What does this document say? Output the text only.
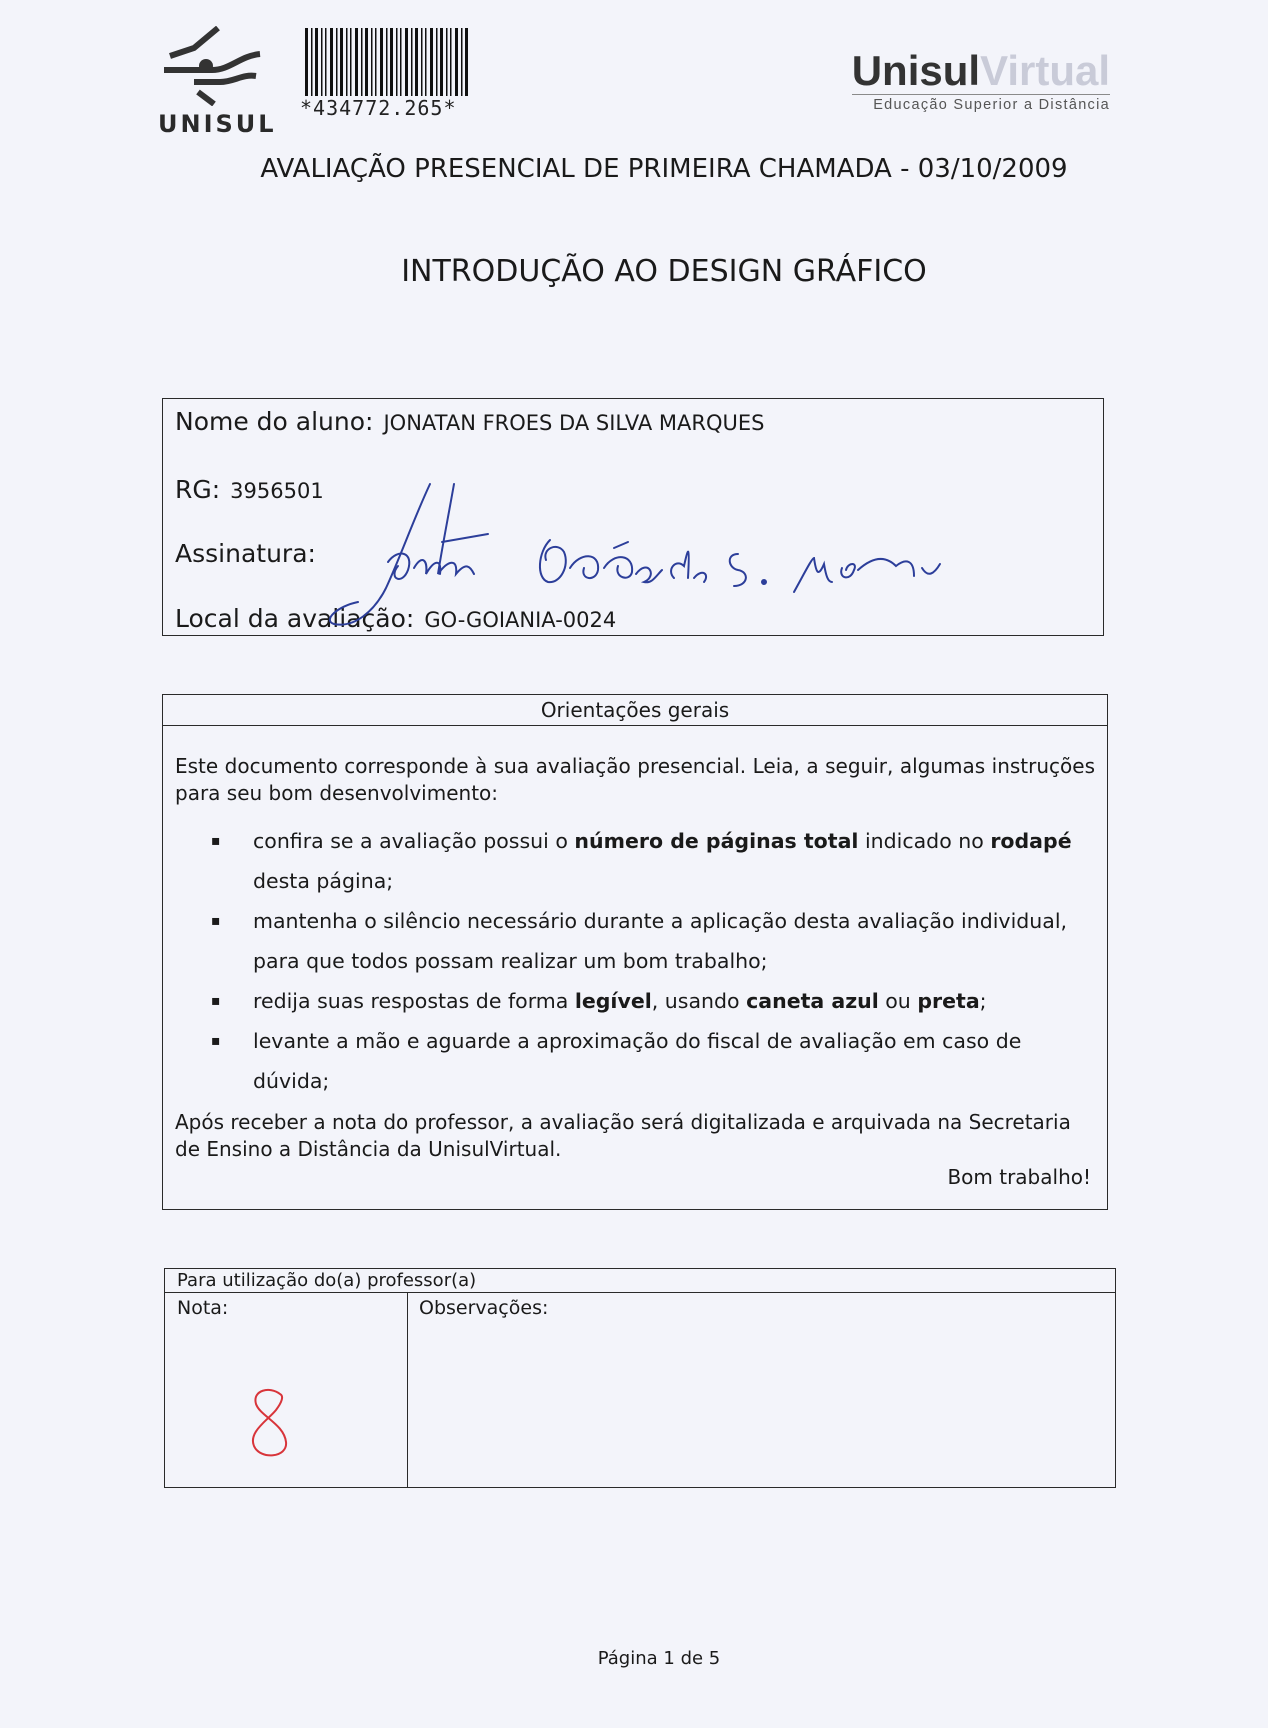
UNISUL
*434772.265*
UnisulVirtual
Educação Superior a Distância
AVALIAÇÃO PRESENCIAL DE PRIMEIRA CHAMADA - 03/10/2009
INTRODUÇÃO AO DESIGN GRÁFICO
Nome do aluno: JONATAN FROES DA SILVA MARQUES
RG: 3956501
Assinatura:
Local da avaliação: GO-GOIANIA-0024
Orientações gerais
Este documento corresponde à sua avaliação presencial. Leia, a seguir, algumas instruções para seu bom desenvolvimento:
▪ confira se a avaliação possui o número de páginas total indicado no rodapé desta página;
▪ mantenha o silêncio necessário durante a aplicação desta avaliação individual, para que todos possam realizar um bom trabalho;
▪ redija suas respostas de forma legível, usando caneta azul ou preta;
▪ levante a mão e aguarde a aproximação do fiscal de avaliação em caso de dúvida;
Após receber a nota do professor, a avaliação será digitalizada e arquivada na Secretaria de Ensino a Distância da UnisulVirtual.
Bom trabalho!
Para utilização do(a) professor(a)
Nota:	Observações:
Página 1 de 5
